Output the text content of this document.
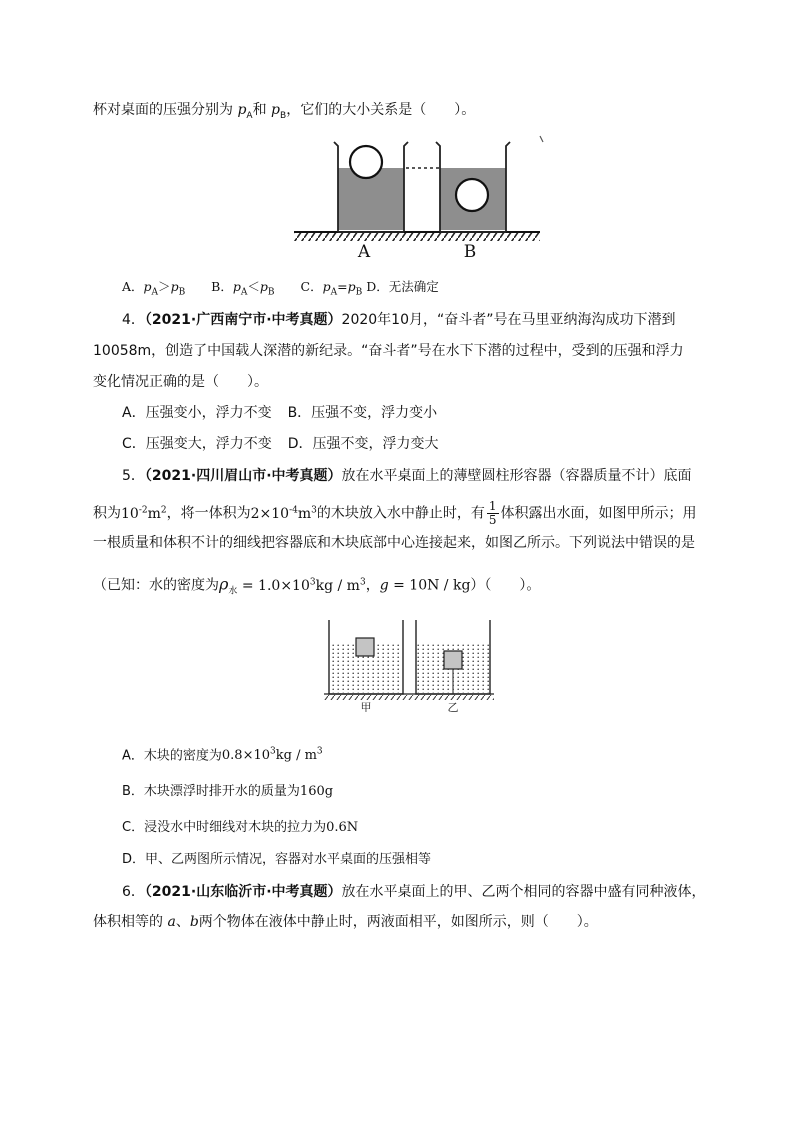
杯对桌面的压强分别为 $p_A$和 $p_B$，它们的大小关系是（　　）。
A	B
A．$p_A>p_B$ B．$p_A<p_B$ C．$p_A=p_B$ D．无法确定
4．（2021·广西南宁市·中考真题）2020年10月，“奋斗者”号在马里亚纳海沟成功下潜到
10058m，创造了中国载人深潜的新纪录。“奋斗者”号在水下下潜的过程中，受到的压强和浮力
变化情况正确的是（　　）。
A．压强变小，浮力不变 B．压强不变，浮力变小
C．压强变大，浮力不变 D．压强不变，浮力变大
5．（2021·四川眉山市·中考真题）放在水平桌面上的薄壁圆柱形容器（容器质量不计）底面
积为$10^{-2}m^2$，将一体积为$2\times 10^{-4}m^3$的木块放入水中静止时，有 $\frac{1}{5}$ 体积露出水面，如图甲所示；用
一根质量和体积不计的细线把容器底和木块底部中心连接起来，如图乙所示。下列说法中错误的是
（已知：水的密度为$\rho_水 = 1.0\times 10^3kg / m^3$，g = 10N / kg）（　　）。
甲	乙
A．木块的密度为$0.8\times 10^3kg / m^3$
B．木块漂浮时排开水的质量为160g
C．浸没水中时细线对木块的拉力为0.6N
D．甲、乙两图所示情况，容器对水平桌面的压强相等
6．（2021·山东临沂市·中考真题）放在水平桌面上的甲、乙两个相同的容器中盛有同种液体，
体积相等的 a、b两个物体在液体中静止时，两液面相平，如图所示，则（　　）。
